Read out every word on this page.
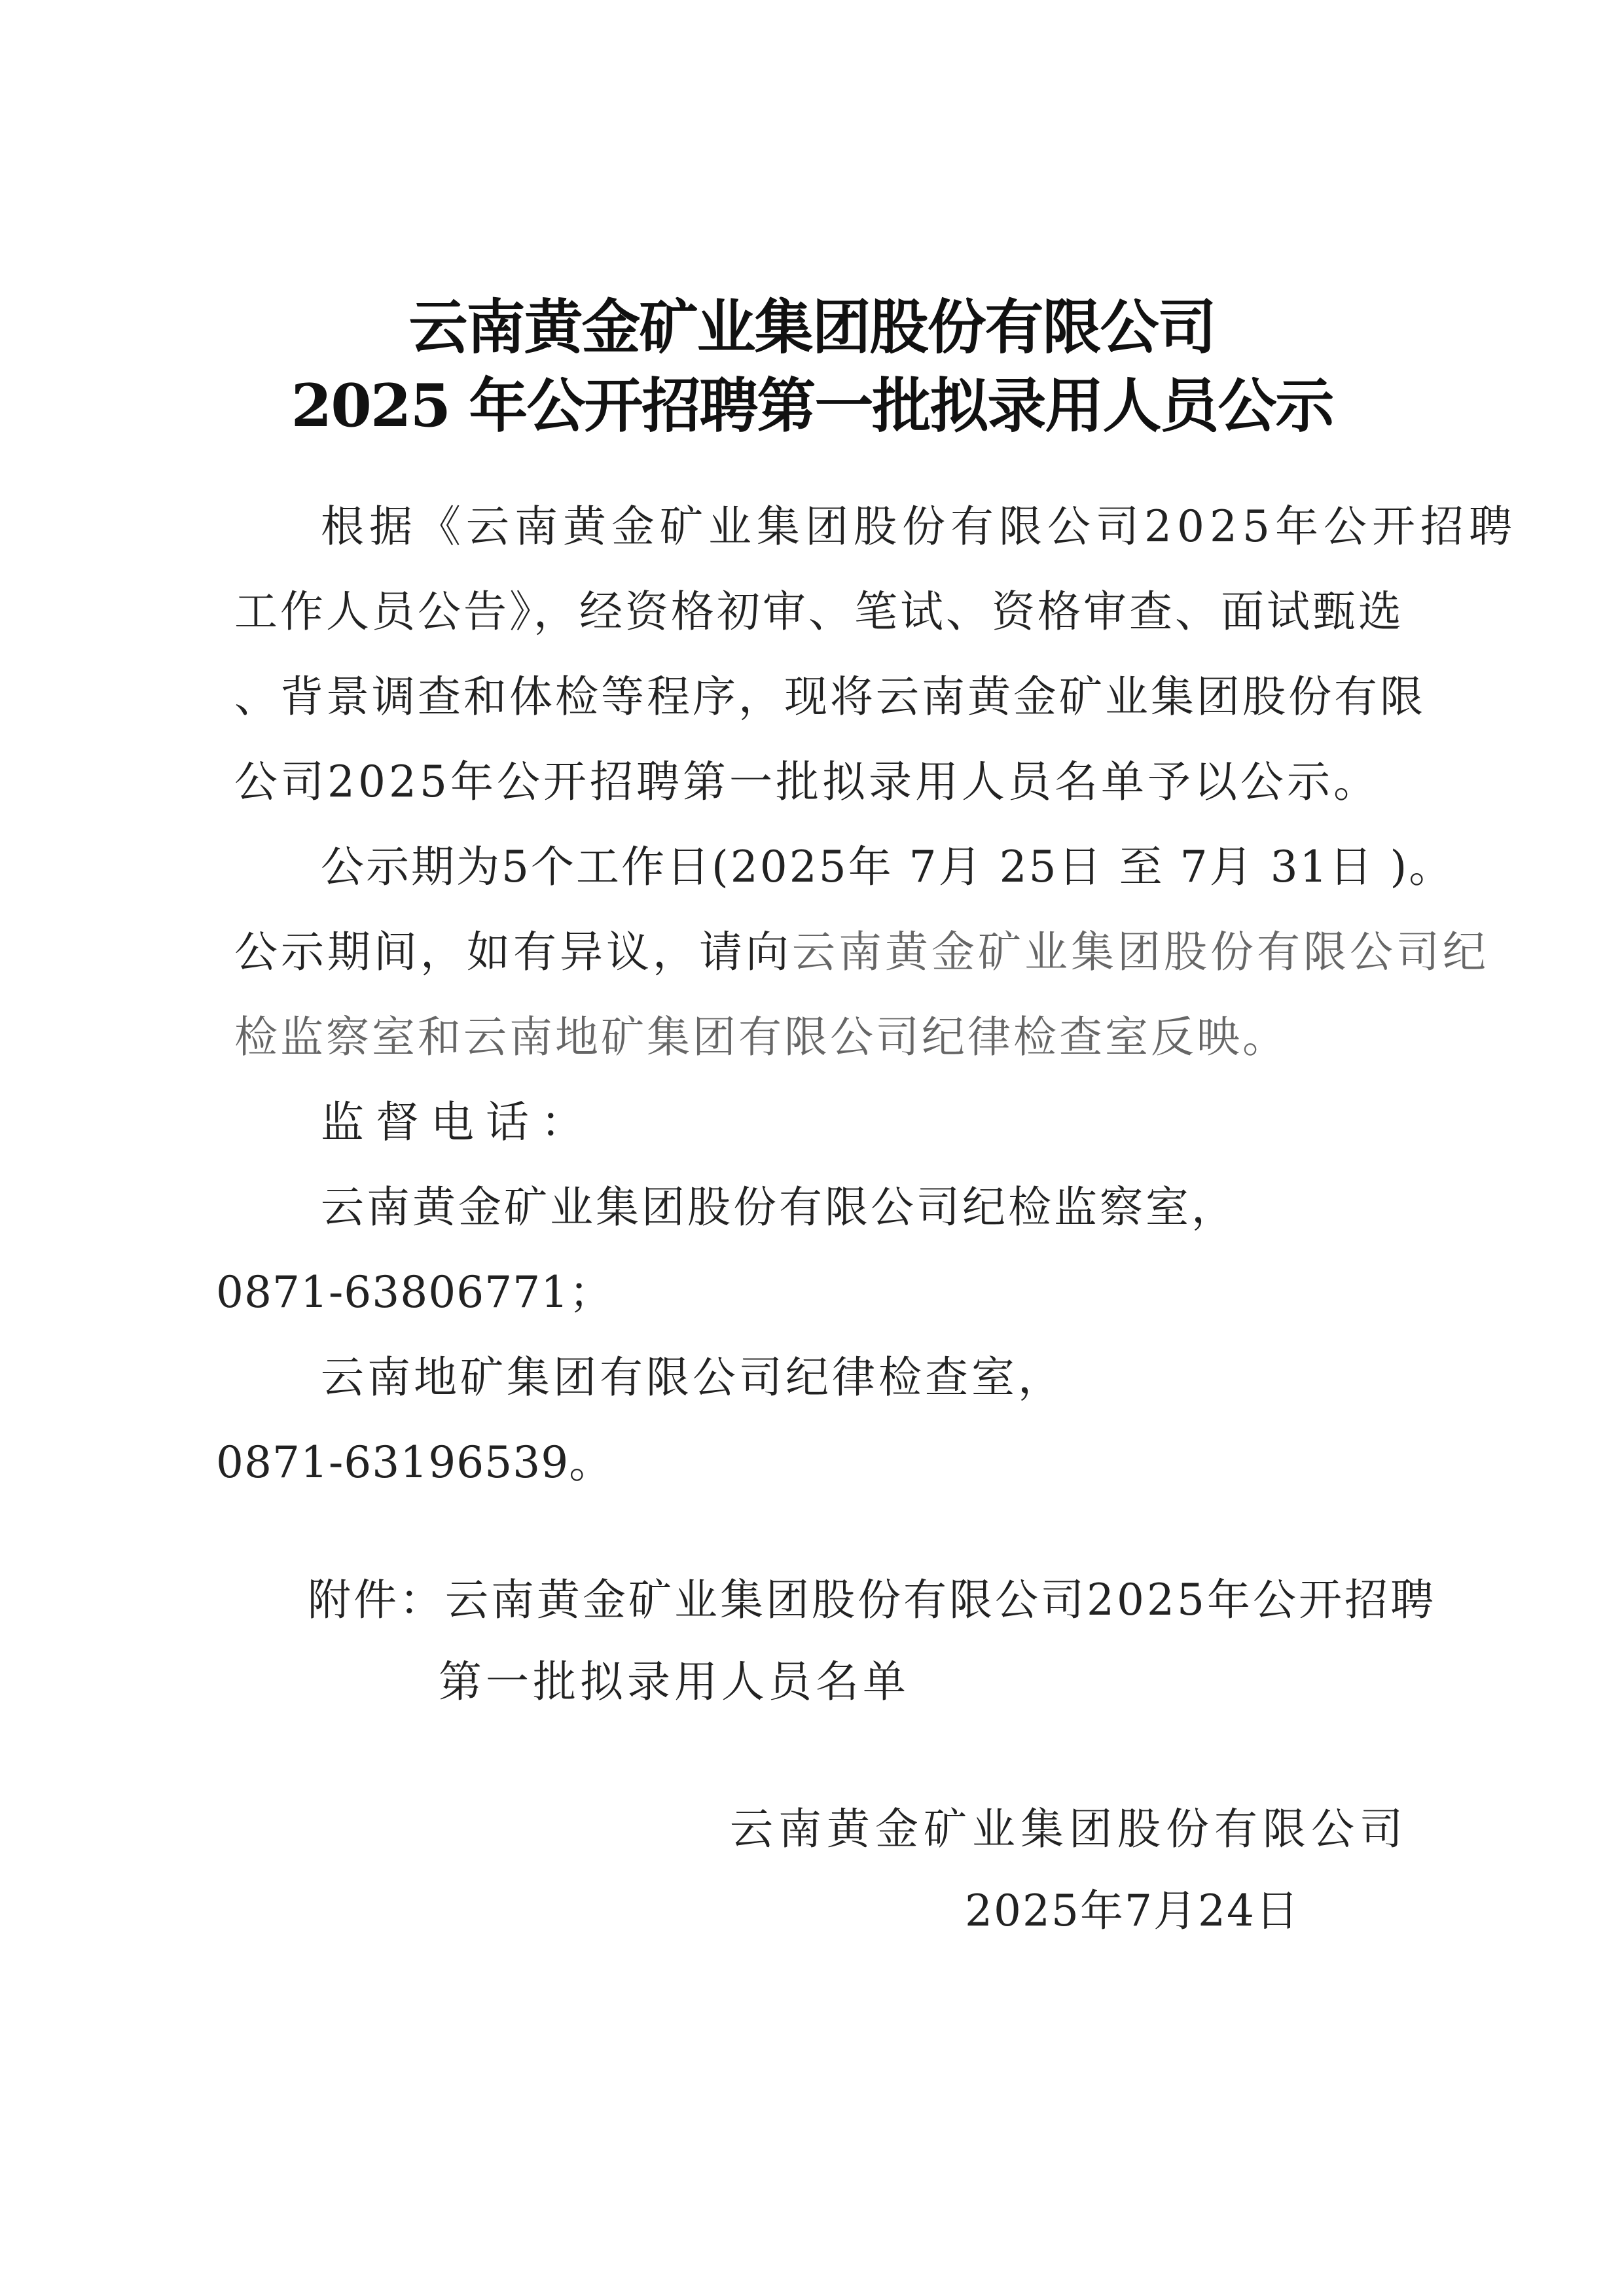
云南黄金矿业集团股份有限公司
2025 年公开招聘第一批拟录用人员公示
根据《云南黄金矿业集团股份有限公司2025年公开招聘
工作人员公告》，经资格初审、笔试、资格审查、面试甄选
、背景调查和体检等程序，现将云南黄金矿业集团股份有限
公司2025年公开招聘第一批拟录用人员名单予以公示。
公示期为5个工作日(2025年 7月 25日 至 7月 31日 )。
公示期间，如有异议，请向云南黄金矿业集团股份有限公司纪
检监察室和云南地矿集团有限公司纪律检查室反映。
监督电话：
云南黄金矿业集团股份有限公司纪检监察室，
0871-63806771；
云南地矿集团有限公司纪律检查室，
0871-63196539。
附件：云南黄金矿业集团股份有限公司2025年公开招聘
第一批拟录用人员名单
云南黄金矿业集团股份有限公司
2025年7月24日
